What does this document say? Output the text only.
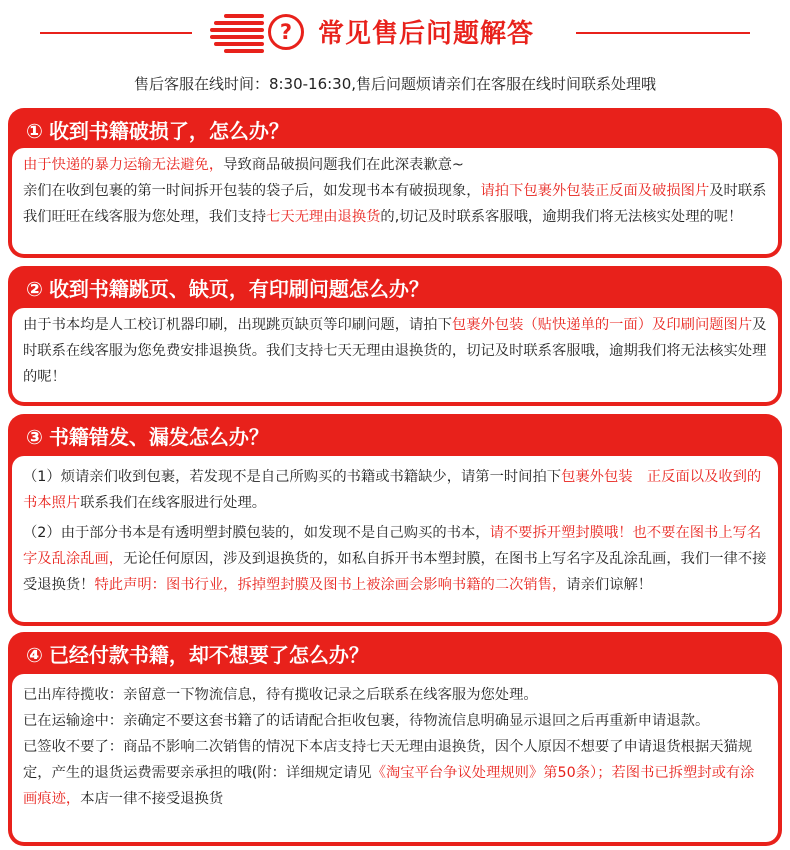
? 常见售后问题解答
售后客服在线时间：8:30-16:30,售后问题烦请亲们在客服在线时间联系处理哦
① 收到书籍破损了，怎么办？

由于快递的暴力运输无法避免，导致商品破损问题我们在此深表歉意~

亲们在收到包裹的第一时间拆开包装的袋子后，如发现书本有破损现象，请拍下包裹外包装正反面及破损图片及时联系我们旺旺在线客服为您处理，我们支持七天无理由退换货的,切记及时联系客服哦，逾期我们将无法核实处理的呢！

② 收到书籍跳页、缺页，有印刷问题怎么办？

由于书本均是人工校订机器印刷，出现跳页缺页等印刷问题，请拍下包裹外包装（贴快递单的一面）及印刷问题图片及时联系在线客服为您免费安排退换货。我们支持七天无理由退换货的，切记及时联系客服哦，逾期我们将无法核实处理的呢！

③ 书籍错发、漏发怎么办？

（1）烦请亲们收到包裹，若发现不是自己所购买的书籍或书籍缺少，请第一时间拍下包裹外包装　正反面以及收到的书本照片联系我们在线客服进行处理。

（2）由于部分书本是有透明塑封膜包装的，如发现不是自己购买的书本，请不要拆开塑封膜哦！也不要在图书上写名字及乱涂乱画，无论任何原因，涉及到退换货的，如私自拆开书本塑封膜，在图书上写名字及乱涂乱画，我们一律不接受退换货！特此声明：图书行业，拆掉塑封膜及图书上被涂画会影响书籍的二次销售，请亲们谅解！

④ 已经付款书籍，却不想要了怎么办？

已出库待揽收：亲留意一下物流信息，待有揽收记录之后联系在线客服为您处理。

已在运输途中：亲确定不要这套书籍了的话请配合拒收包裹，待物流信息明确显示退回之后再重新申请退款。

已签收不要了：商品不影响二次销售的情况下本店支持七天无理由退换货，因个人原因不想要了申请退货根据天猫规定，产生的退货运费需要亲承担的哦(附：详细规定请见《淘宝平台争议处理规则》第50条）；若图书已拆塑封或有涂画痕迹，本店一律不接受退换货
